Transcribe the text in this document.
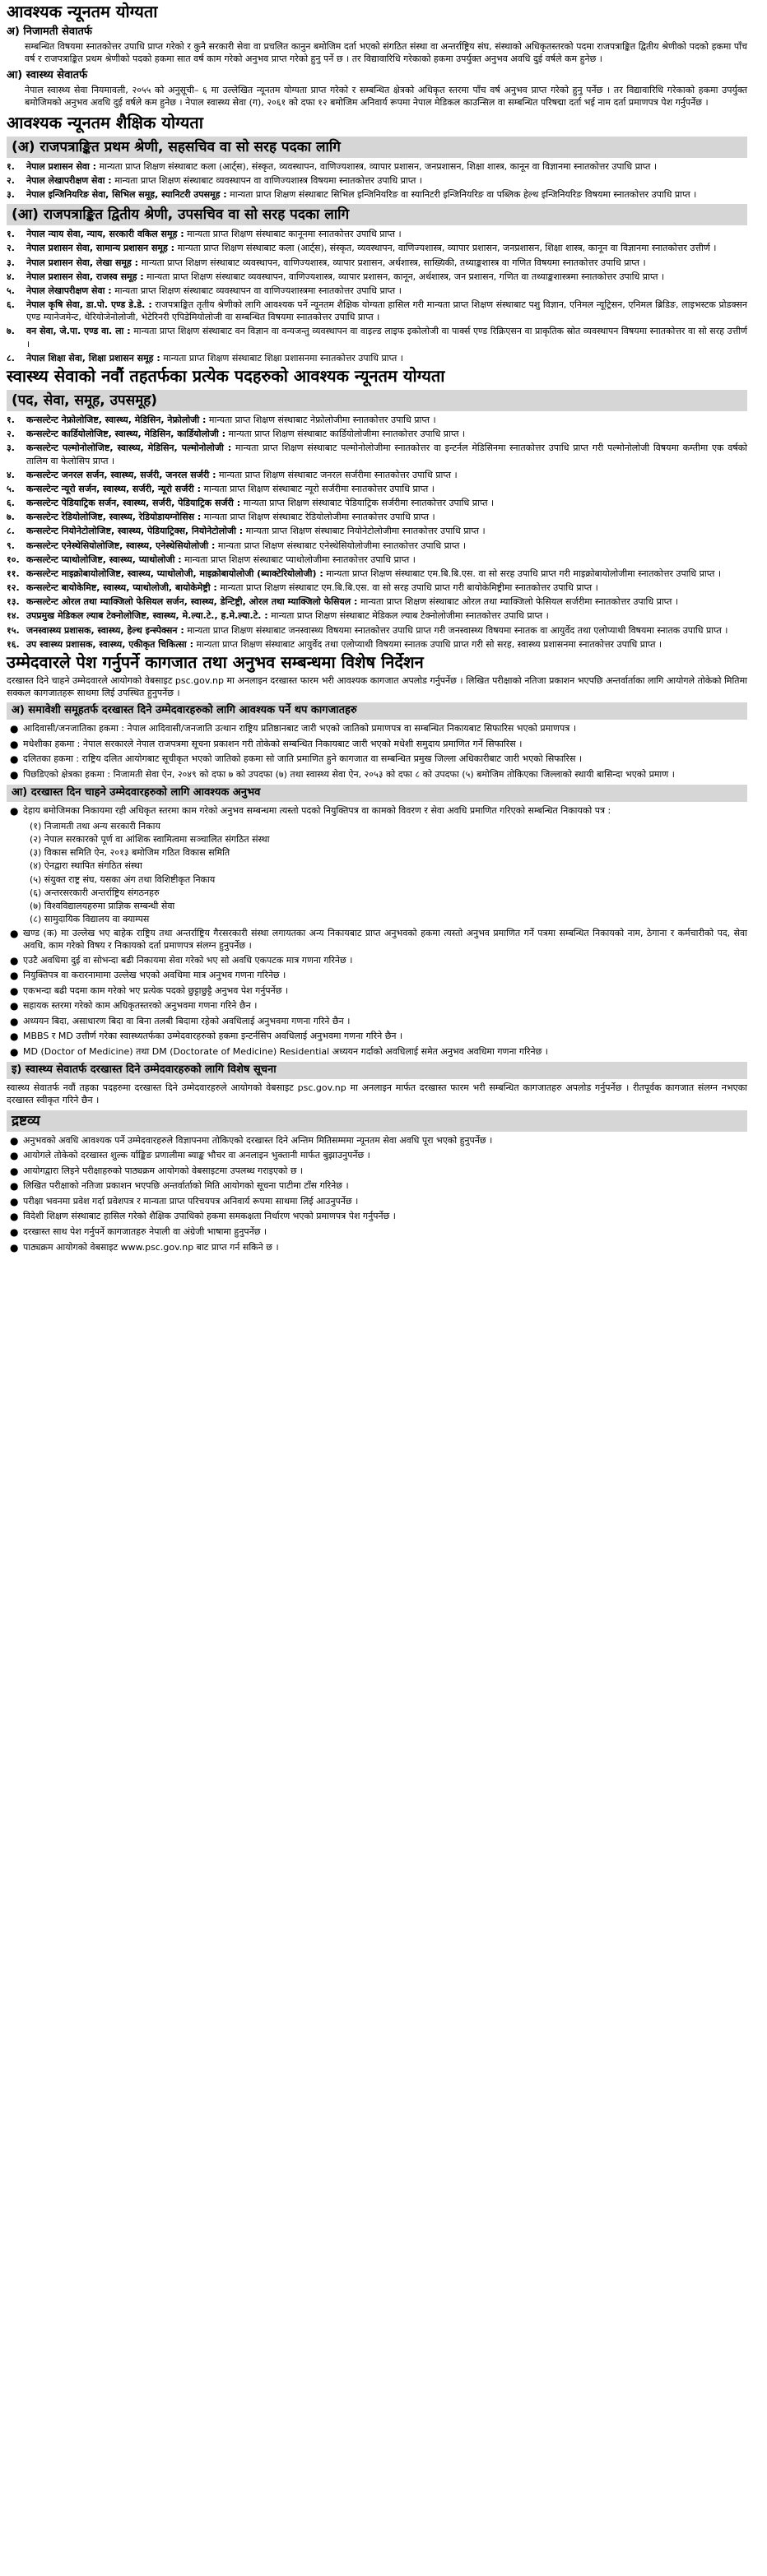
आवश्यक न्यूनतम योग्यता
अ) निजामती सेवातर्फ
सम्बन्धित विषयमा स्नातकोत्तर उपाधि प्राप्त गरेको र कुनै सरकारी सेवा वा प्रचलित कानुन बमोजिम दर्ता भएको संगठित संस्था वा अन्तर्राष्ट्रिय संघ, संस्थाको अधिकृतस्तरको पदमा राजपत्राङ्कित द्वितीय श्रेणीको पदको हकमा पाँच वर्ष र राजपत्राङ्कित प्रथम श्रेणीको पदको हकमा सात वर्ष काम गरेको अनुभव प्राप्त गरेको हुनु पर्ने छ । तर विद्यावारिधि गरेकाको हकमा उपर्युक्त अनुभव अवधि दुई वर्षले कम हुनेछ ।
आ) स्वास्थ्य सेवातर्फ
नेपाल स्वास्थ्य सेवा नियमावली, २०५५ को अनुसूची– ६ मा उल्लेखित न्यूनतम योग्यता प्राप्त गरेको र सम्बन्धित क्षेत्रको अधिकृत स्तरमा पाँच वर्ष अनुभव प्राप्त गरेको हुनु पर्नेछ । तर विद्यावारिधि गरेकाको हकमा उपर्युक्त बमोजिमको अनुभव अवधि दुई वर्षले कम हुनेछ । नेपाल स्वास्थ्य सेवा (ग), २०६१ को दफा १२ बमोजिम अनिवार्य रूपमा नेपाल मेडिकल काउन्सिल वा सम्बन्धित परिषद्मा दर्ता भई नाम दर्ता प्रमाणपत्र पेश गर्नुपर्नेछ ।
आवश्यक न्यूनतम शैक्षिक योग्यता
(अ) राजपत्राङ्कित प्रथम श्रेणी, सहसचिव वा सो सरह पदका लागि
१.	नेपाल प्रशासन सेवा : मान्यता प्राप्त शिक्षण संस्थाबाट कला (आर्ट्स), संस्कृत, व्यवस्थापन, वाणिज्यशास्त्र, व्यापार प्रशासन, जनप्रशासन, शिक्षा शास्त्र, कानून वा विज्ञानमा स्नातकोत्तर उपाधि प्राप्त ।
२.	नेपाल लेखापरीक्षण सेवा : मान्यता प्राप्त शिक्षण संस्थाबाट व्यवस्थापन वा वाणिज्यशास्त्र विषयमा स्नातकोत्तर उपाधि प्राप्त ।
३.	नेपाल इन्जिनियरिङ सेवा, सिभिल समूह, स्यानिटरी उपसमूह : मान्यता प्राप्त शिक्षण संस्थाबाट सिभिल इन्जिनियरिङ वा स्यानिटरी इन्जिनियरिङ वा पब्लिक हेल्थ इन्जिनियरिङ विषयमा स्नातकोत्तर उपाधि प्राप्त ।
(आ) राजपत्राङ्कित द्वितीय श्रेणी, उपसचिव वा सो सरह पदका लागि
१.	नेपाल न्याय सेवा, न्याय, सरकारी वकिल समूह : मान्यता प्राप्त शिक्षण संस्थाबाट कानूनमा स्नातकोत्तर उपाधि प्राप्त ।
२.	नेपाल प्रशासन सेवा, सामान्य प्रशासन समूह : मान्यता प्राप्त शिक्षण संस्थाबाट कला (आर्ट्स), संस्कृत, व्यवस्थापन, वाणिज्यशास्त्र, व्यापार प्रशासन, जनप्रशासन, शिक्षा शास्त्र, कानून वा विज्ञानमा स्नातकोत्तर उत्तीर्ण ।
३.	नेपाल प्रशासन सेवा, लेखा समूह : मान्यता प्राप्त शिक्षण संस्थाबाट व्यवस्थापन, वाणिज्यशास्त्र, व्यापार प्रशासन, अर्थशास्त्र, साख्यिकी, तथ्याङ्कशास्त्र वा गणित विषयमा स्नातकोत्तर उपाधि प्राप्त ।
४.	नेपाल प्रशासन सेवा, राजस्व समूह : मान्यता प्राप्त शिक्षण संस्थाबाट व्यवस्थापन, वाणिज्यशास्त्र, व्यापार प्रशासन, कानून, अर्थशास्त्र, जन प्रशासन, गणित वा तथ्याङ्कशास्त्रमा स्नातकोत्तर उपाधि प्राप्त ।
५.	नेपाल लेखापरीक्षण सेवा : मान्यता प्राप्त शिक्षण संस्थाबाट व्यवस्थापन वा वाणिज्यशास्त्रमा स्नातकोत्तर उपाधि प्राप्त ।
६.	नेपाल कृषि सेवा, डा.पो. एण्ड डे.डे. : राजपत्राङ्कित तृतीय श्रेणीको लागि आवश्यक पर्ने न्यूनतम शैक्षिक योग्यता हासिल गरी मान्यता प्राप्त शिक्षण संस्थाबाट पशु विज्ञान, एनिमल न्यूट्रिसन, एनिमल ब्रिडिङ, लाइभस्टक प्रोडक्सन एण्ड म्यानेजमेन्ट, थेरियोजेनोलोजी, भेटेरिनरी एपिडेमियोलोजी वा सम्बन्धित विषयमा स्नातकोत्तर उपाधि प्राप्त ।
७.	वन सेवा, जे.पा. एण्ड वा. ला : मान्यता प्राप्त शिक्षण संस्थाबाट वन विज्ञान वा वन्यजन्तु व्यवस्थापन वा वाइल्ड लाइफ इकोलोजी वा पार्क्स एण्ड रिक्रिएसन वा प्राकृतिक स्रोत व्यवस्थापन विषयमा स्नातकोत्तर वा सो सरह उत्तीर्ण ।
८.	नेपाल शिक्षा सेवा, शिक्षा प्रशासन समूह : मान्यता प्राप्त शिक्षण संस्थाबाट शिक्षा प्रशासनमा स्नातकोत्तर उपाधि प्राप्त ।
स्वास्थ्य सेवाको नवौं तहतर्फका प्रत्येक पदहरुको आवश्यक न्यूनतम योग्यता
(पद, सेवा, समूह, उपसमूह)
१.	कन्सल्टेन्ट नेफ्रोलोजिष्ट, स्वास्थ्य, मेडिसिन, नेफ्रोलोजी : मान्यता प्राप्त शिक्षण संस्थाबाट नेफ्रोलोजीमा स्नातकोत्तर उपाधि प्राप्त ।
२.	कन्सल्टेन्ट कार्डियोलोजिष्ट, स्वास्थ्य, मेडिसिन, कार्डियोलोजी : मान्यता प्राप्त शिक्षण संस्थाबाट कार्डियोलोजीमा स्नातकोत्तर उपाधि प्राप्त ।
३.	कन्सल्टेन्ट पल्मोनोलोजिष्ट, स्वास्थ्य, मेडिसिन, पल्मोनोलोजी : मान्यता प्राप्त शिक्षण संस्थाबाट पल्मोनोलोजीमा स्नातकोत्तर वा इन्टर्नल मेडिसिनमा स्नातकोत्तर उपाधि प्राप्त गरी पल्मोनोलोजी विषयमा कम्तीमा एक वर्षको तालिम वा फेलोसिप प्राप्त ।
४.	कन्सल्टेन्ट जनरल सर्जन, स्वास्थ्य, सर्जरी, जनरल सर्जरी : मान्यता प्राप्त शिक्षण संस्थाबाट जनरल सर्जरीमा स्नातकोत्तर उपाधि प्राप्त ।
५.	कन्सल्टेन्ट न्यूरो सर्जन, स्वास्थ्य, सर्जरी, न्यूरो सर्जरी : मान्यता प्राप्त शिक्षण संस्थाबाट न्यूरो सर्जरीमा स्नातकोत्तर उपाधि प्राप्त ।
६.	कन्सल्टेन्ट पेडियाट्रिक सर्जन, स्वास्थ्य, सर्जरी, पेडियाट्रिक सर्जरी : मान्यता प्राप्त शिक्षण संस्थाबाट पेडियाट्रिक सर्जरीमा स्नातकोत्तर उपाधि प्राप्त ।
७.	कन्सल्टेन्ट रेडियोलोजिष्ट, स्वास्थ्य, रेडियोडायग्नोसिस : मान्यता प्राप्त शिक्षण संस्थाबाट रेडियोलोजीमा स्नातकोत्तर उपाधि प्राप्त ।
८.	कन्सल्टेन्ट नियोनेटोलोजिष्ट, स्वास्थ्य, पेडियाट्रिक्स, नियोनेटोलोजी : मान्यता प्राप्त शिक्षण संस्थाबाट नियोनेटोलोजीमा स्नातकोत्तर उपाधि प्राप्त ।
९.	कन्सल्टेन्ट एनेस्थेसियोलोजिष्ट, स्वास्थ्य, एनेस्थेसियोलोजी : मान्यता प्राप्त शिक्षण संस्थाबाट एनेस्थेसियोलोजीमा स्नातकोत्तर उपाधि प्राप्त ।
१०. कन्सल्टेन्ट प्याथोलोजिष्ट, स्वास्थ्य, प्याथोलोजी : मान्यता प्राप्त शिक्षण संस्थाबाट प्याथोलोजीमा स्नातकोत्तर उपाधि प्राप्त ।
११. कन्सल्टेन्ट माइक्रोबायोलोजिष्ट, स्वास्थ्य, प्याथोलोजी, माइक्रोबायोलोजी (ब्याक्टेरियोलोजी) : मान्यता प्राप्त शिक्षण संस्थाबाट एम.बि.बि.एस. वा सो सरह उपाधि प्राप्त गरी माइक्रोबायोलोजीमा स्नातकोत्तर उपाधि प्राप्त ।
१२. कन्सल्टेन्ट बायोकेमिष्ट, स्वास्थ्य, प्याथोलोजी, बायोकेमेष्ट्री : मान्यता प्राप्त शिक्षण संस्थाबाट एम.बि.बि.एस. वा सो सरह उपाधि प्राप्त गरी बायोकेमिष्ट्रीमा स्नातकोत्तर उपाधि प्राप्त ।
१३. कन्सल्टेन्ट ओरल तथा म्याक्जिलो फेसियल सर्जन, स्वास्थ्य, डेन्टिष्ट्री, ओरल तथा म्याक्जिलो फेसियल : मान्यता प्राप्त शिक्षण संस्थाबाट ओरल तथा म्याक्जिलो फेसियल सर्जरीमा स्नातकोत्तर उपाधि प्राप्त ।
१४. उपप्रमुख मेडिकल ल्याब टेक्नोलोजिष्ट, स्वास्थ्य, मे.ल्या.टे., ह.मे.ल्या.टे. : मान्यता प्राप्त शिक्षण संस्थाबाट मेडिकल ल्याब टेक्नोलोजीमा स्नातकोत्तर उपाधि प्राप्त ।
१५. जनस्वास्थ्य प्रशासक, स्वास्थ्य, हेल्थ इन्स्पेक्सन : मान्यता प्राप्त शिक्षण संस्थाबाट जनस्वास्थ्य विषयमा स्नातकोत्तर उपाधि प्राप्त गरी जनस्वास्थ्य विषयमा स्नातक वा आयुर्वेद तथा एलोप्याथी विषयमा स्नातक उपाधि प्राप्त ।
१६. उप स्वास्थ्य प्रशासक, स्वास्थ्य, एकीकृत चिकित्सा : मान्यता प्राप्त शिक्षण संस्थाबाट आयुर्वेद तथा एलोप्याथी विषयमा स्नातक उपाधि प्राप्त गरी सो सरह, स्वास्थ्य प्रशासनमा स्नातकोत्तर उपाधि प्राप्त ।
उम्मेदवारले पेश गर्नुपर्ने कागजात तथा अनुभव सम्बन्धमा विशेष निर्देशन
दरखास्त दिने चाहने उम्मेदवारले आयोगको वेबसाइट psc.gov.np मा अनलाइन दरखास्त फारम भरी आवश्यक कागजात अपलोड गर्नुपर्नेछ । लिखित परीक्षाको नतिजा प्रकाशन भएपछि अन्तर्वार्ताका लागि आयोगले तोकेको मितिमा सक्कल कागजातहरू साथमा लिई उपस्थित हुनुपर्नेछ ।
अ) समावेशी समूहतर्फ दरखास्त दिने उम्मेदवारहरुको लागि आवश्यक पर्ने थप कागजातहरु
● आदिवासी/जनजातिका हकमा : नेपाल आदिवासी/जनजाति उत्थान राष्ट्रिय प्रतिष्ठानबाट जारी भएको जातिको प्रमाणपत्र वा सम्बन्धित निकायबाट सिफारिस भएको प्रमाणपत्र ।
● मधेशीका हकमा : नेपाल सरकारले नेपाल राजपत्रमा सूचना प्रकाशन गरी तोकेको सम्बन्धित निकायबाट जारी भएको मधेशी समुदाय प्रमाणित गर्ने सिफारिस ।
● दलितका हकमा : राष्ट्रिय दलित आयोगबाट सूचीकृत भएको जातिको हकमा सो जाति प्रमाणित हुने कागजात वा सम्बन्धित प्रमुख जिल्ला अधिकारीबाट जारी भएको सिफारिस ।
● पिछडिएको क्षेत्रका हकमा : निजामती सेवा ऐन, २०४९ को दफा ७ को उपदफा (७) तथा स्वास्थ्य सेवा ऐन, २०५३ को दफा ८ को उपदफा (५) बमोजिम तोकिएका जिल्लाको स्थायी बासिन्दा भएको प्रमाण ।
आ) दरखास्त दिन चाहने उम्मेदवारहरुको लागि आवश्यक अनुभव
● देहाय बमोजिमका निकायमा रही अधिकृत स्तरमा काम गरेको अनुभव सम्बन्धमा त्यस्तो पदको नियुक्तिपत्र वा कामको विवरण र सेवा अवधि प्रमाणित गरिएको सम्बन्धित निकायको पत्र :
(१) निजामती तथा अन्य सरकारी निकाय
(२) नेपाल सरकारको पूर्ण वा आंशिक स्वामित्वमा सञ्चालित संगठित संस्था
(३) विकास समिति ऐन, २०१३ बमोजिम गठित विकास समिति
(४) ऐनद्वारा स्थापित संगठित संस्था
(५) संयुक्त राष्ट्र संघ, यसका अंग तथा विशिष्टीकृत निकाय
(६) अन्तरसरकारी अन्तर्राष्ट्रिय संगठनहरु
(७) विश्वविद्यालयहरुमा प्राज्ञिक सम्बन्धी सेवा
(८) सामुदायिक विद्यालय वा क्याम्पस
● खण्ड (क) मा उल्लेख भए बाहेक राष्ट्रिय तथा अन्तर्राष्ट्रिय गैरसरकारी संस्था लगायतका अन्य निकायबाट प्राप्त अनुभवको हकमा त्यस्तो अनुभव प्रमाणित गर्ने पत्रमा सम्बन्धित निकायको नाम, ठेगाना र कर्मचारीको पद, सेवा अवधि, काम गरेको विषय र निकायको दर्ता प्रमाणपत्र संलग्न हुनुपर्नेछ ।
● एउटै अवधिमा दुई वा सोभन्दा बढी निकायमा सेवा गरेको भए सो अवधि एकपटक मात्र गणना गरिनेछ ।
● नियुक्तिपत्र वा करारनामामा उल्लेख भएको अवधिमा मात्र अनुभव गणना गरिनेछ ।
● एकभन्दा बढी पदमा काम गरेको भए प्रत्येक पदको छुट्टाछुट्टै अनुभव पेश गर्नुपर्नेछ ।
● सहायक स्तरमा गरेको काम अधिकृतस्तरको अनुभवमा गणना गरिने छैन ।
● अध्ययन बिदा, असाधारण बिदा वा बिना तलबी बिदामा रहेको अवधिलाई अनुभवमा गणना गरिने छैन ।
● MBBS र MD उत्तीर्ण गरेका स्वास्थ्यतर्फका उम्मेदवारहरुको हकमा इन्टर्नसिप अवधिलाई अनुभवमा गणना गरिने छैन ।
● MD (Doctor of Medicine) तथा DM (Doctorate of Medicine) Residential अध्ययन गर्दाको अवधिलाई समेत अनुभव अवधिमा गणना गरिनेछ ।
इ) स्वास्थ्य सेवातर्फ दरखास्त दिने उम्मेदवारहरुको लागि विशेष सूचना
स्वास्थ्य सेवातर्फ नवौं तहका पदहरुमा दरखास्त दिने उम्मेदवारहरुले आयोगको वेबसाइट psc.gov.np मा अनलाइन मार्फत दरखास्त फारम भरी सम्बन्धित कागजातहरु अपलोड गर्नुपर्नेछ । रीतपूर्वक कागजात संलग्न नभएका दरखास्त स्वीकृत गरिने छैन ।
द्रष्टव्य
● अनुभवको अवधि आवश्यक पर्ने उम्मेदवारहरुले विज्ञापनमा तोकिएको दरखास्त दिने अन्तिम मितिसम्ममा न्यूनतम सेवा अवधि पूरा भएको हुनुपर्नेछ ।
● आयोगले तोकेको दरखास्त शुल्क र्याङ्किङ प्रणालीमा ब्याङ्क भौचर वा अनलाइन भुक्तानी मार्फत बुझाउनुपर्नेछ ।
● आयोगद्वारा लिइने परीक्षाहरुको पाठ्यक्रम आयोगको वेबसाइटमा उपलब्ध गराइएको छ ।
● लिखित परीक्षाको नतिजा प्रकाशन भएपछि अन्तर्वार्ताको मिति आयोगको सूचना पाटीमा टाँस गरिनेछ ।
● परीक्षा भवनमा प्रवेश गर्दा प्रवेशपत्र र मान्यता प्राप्त परिचयपत्र अनिवार्य रूपमा साथमा लिई आउनुपर्नेछ ।
● विदेशी शिक्षण संस्थाबाट हासिल गरेको शैक्षिक उपाधिको हकमा समकक्षता निर्धारण भएको प्रमाणपत्र पेश गर्नुपर्नेछ ।
● दरखास्त साथ पेश गर्नुपर्ने कागजातहरु नेपाली वा अंग्रेजी भाषामा हुनुपर्नेछ ।
● पाठ्यक्रम आयोगको वेबसाइट www.psc.gov.np बाट प्राप्त गर्न सकिने छ ।
